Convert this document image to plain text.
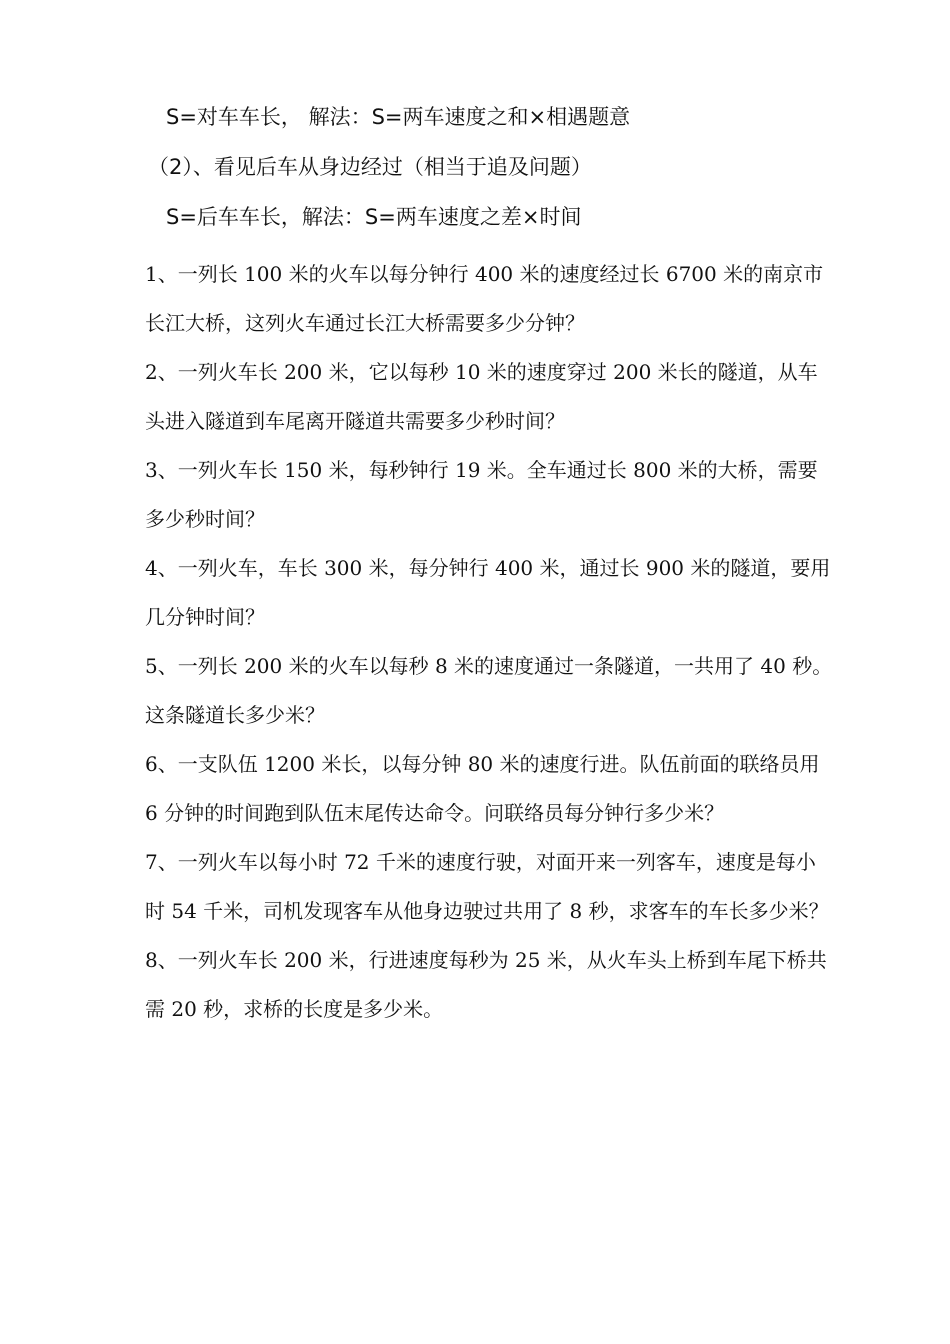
S=对车车长， 解法：S=两车速度之和×相遇题意
（2）、看见后车从身边经过（相当于追及问题）
S=后车车长，解法：S=两车速度之差×时间

1、一列长 100 米的火车以每分钟行 400 米的速度经过长 6700 米的南京市长江大桥，这列火车通过长江大桥需要多少分钟？

2、一列火车长 200 米，它以每秒 10 米的速度穿过 200 米长的隧道，从车头进入隧道到车尾离开隧道共需要多少秒时间？

3、一列火车长 150 米，每秒钟行 19 米。全车通过长 800 米的大桥，需要多少秒时间？

4、一列火车，车长 300 米，每分钟行 400 米，通过长 900 米的隧道，要用几分钟时间？

5、一列长 200 米的火车以每秒 8 米的速度通过一条隧道，一共用了 40 秒。这条隧道长多少米？

6、一支队伍 1200 米长，以每分钟 80 米的速度行进。队伍前面的联络员用 6 分钟的时间跑到队伍末尾传达命令。问联络员每分钟行多少米？

7、一列火车以每小时 72 千米的速度行驶，对面开来一列客车，速度是每小时 54 千米，司机发现客车从他身边驶过共用了 8 秒，求客车的车长多少米？

8、一列火车长 200 米，行进速度每秒为 25 米，从火车头上桥到车尾下桥共需 20 秒，求桥的长度是多少米。
